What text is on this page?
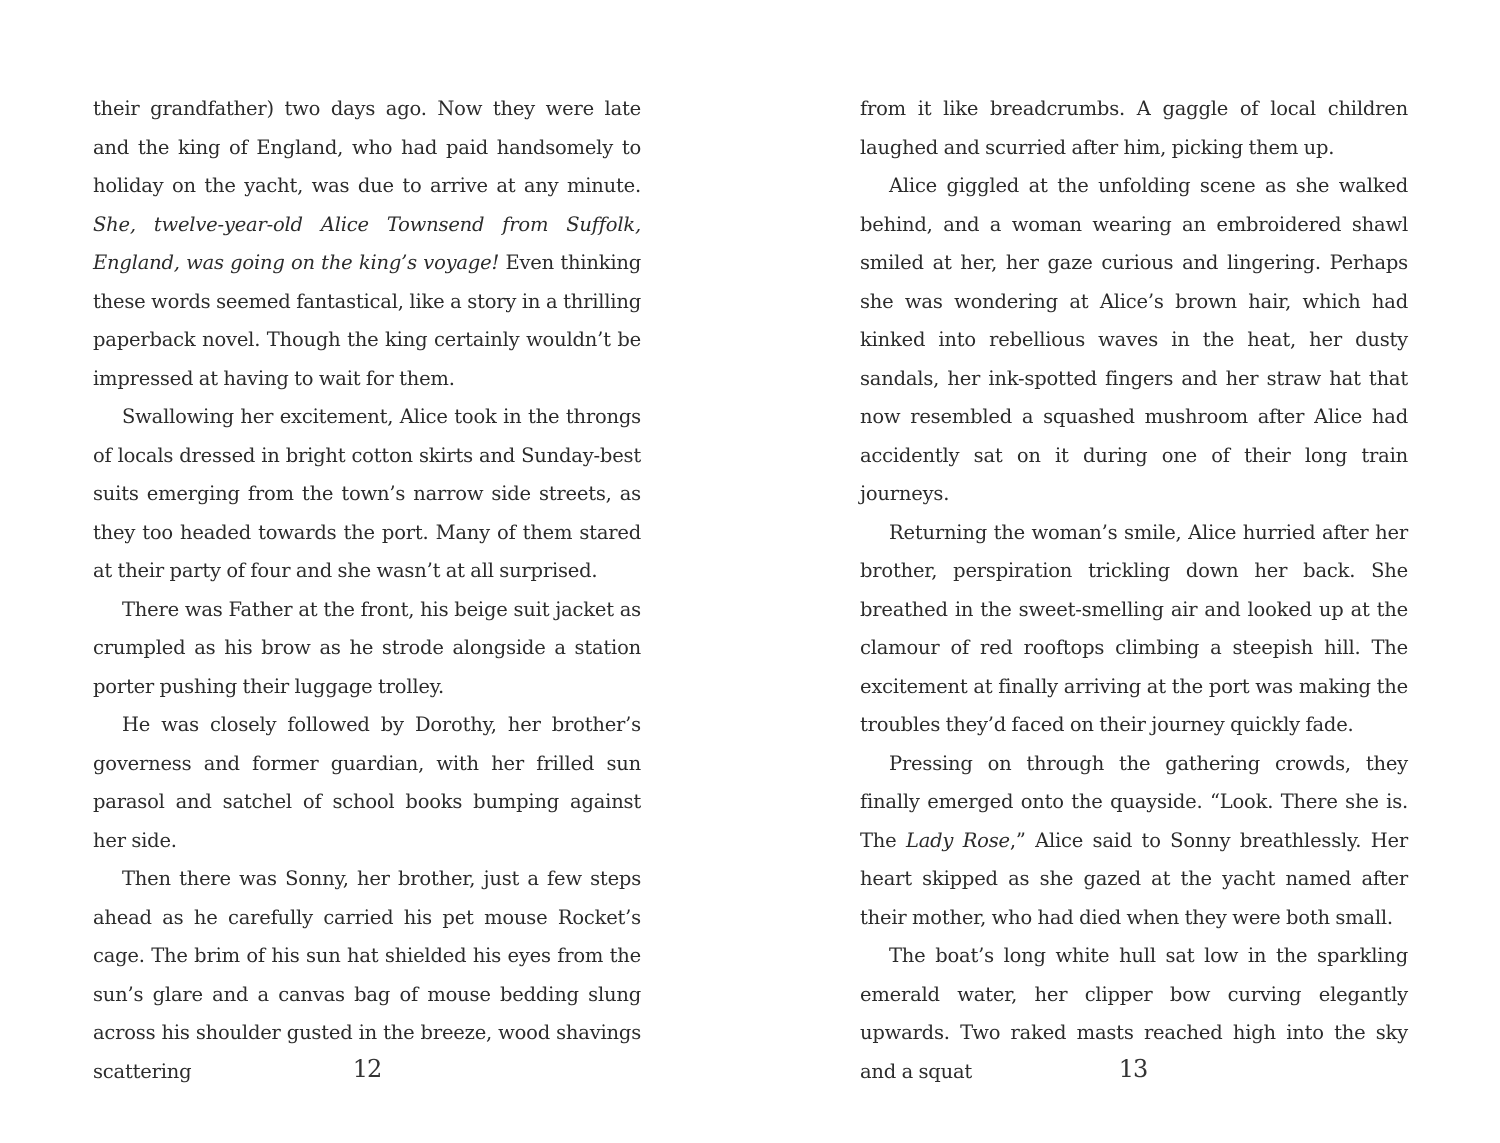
their grandfather) two days ago. Now they were late and the king of England, who had paid handsomely to holiday on the yacht, was due to arrive at any minute. She, twelve-year-old Alice Townsend from Suffolk, England, was going on the king’s voyage! Even thinking these words seemed fantastical, like a story in a thrilling paperback novel. Though the king certainly wouldn’t be impressed at having to wait for them.

Swallowing her excitement, Alice took in the throngs of locals dressed in bright cotton skirts and Sunday-best suits emerging from the town’s narrow side streets, as they too headed towards the port. Many of them stared at their party of four and she wasn’t at all surprised.

There was Father at the front, his beige suit jacket as crumpled as his brow as he strode alongside a station porter pushing their luggage trolley.

He was closely followed by Dorothy, her brother’s governess and former guardian, with her frilled sun parasol and satchel of school books bumping against her side.

Then there was Sonny, her brother, just a few steps ahead as he carefully carried his pet mouse Rocket’s cage. The brim of his sun hat shielded his eyes from the sun’s glare and a canvas bag of mouse bedding slung across his shoulder gusted in the breeze, wood shavings scattering	12

from it like breadcrumbs. A gaggle of local children laughed and scurried after him, picking them up.

Alice giggled at the unfolding scene as she walked behind, and a woman wearing an embroidered shawl smiled at her, her gaze curious and lingering. Perhaps she was wondering at Alice’s brown hair, which had kinked into rebellious waves in the heat, her dusty sandals, her ink-spotted fingers and her straw hat that now resembled a squashed mushroom after Alice had accidently sat on it during one of their long train journeys.

Returning the woman’s smile, Alice hurried after her brother, perspiration trickling down her back. She breathed in the sweet-smelling air and looked up at the clamour of red rooftops climbing a steepish hill. The excitement at finally arriving at the port was making the troubles they’d faced on their journey quickly fade.

Pressing on through the gathering crowds, they finally emerged onto the quayside. “Look. There she is. The Lady Rose,” Alice said to Sonny breathlessly. Her heart skipped as she gazed at the yacht named after their mother, who had died when they were both small.

The boat’s long white hull sat low in the sparkling emerald water, her clipper bow curving elegantly upwards. Two raked masts reached high into the sky and a squat	13
